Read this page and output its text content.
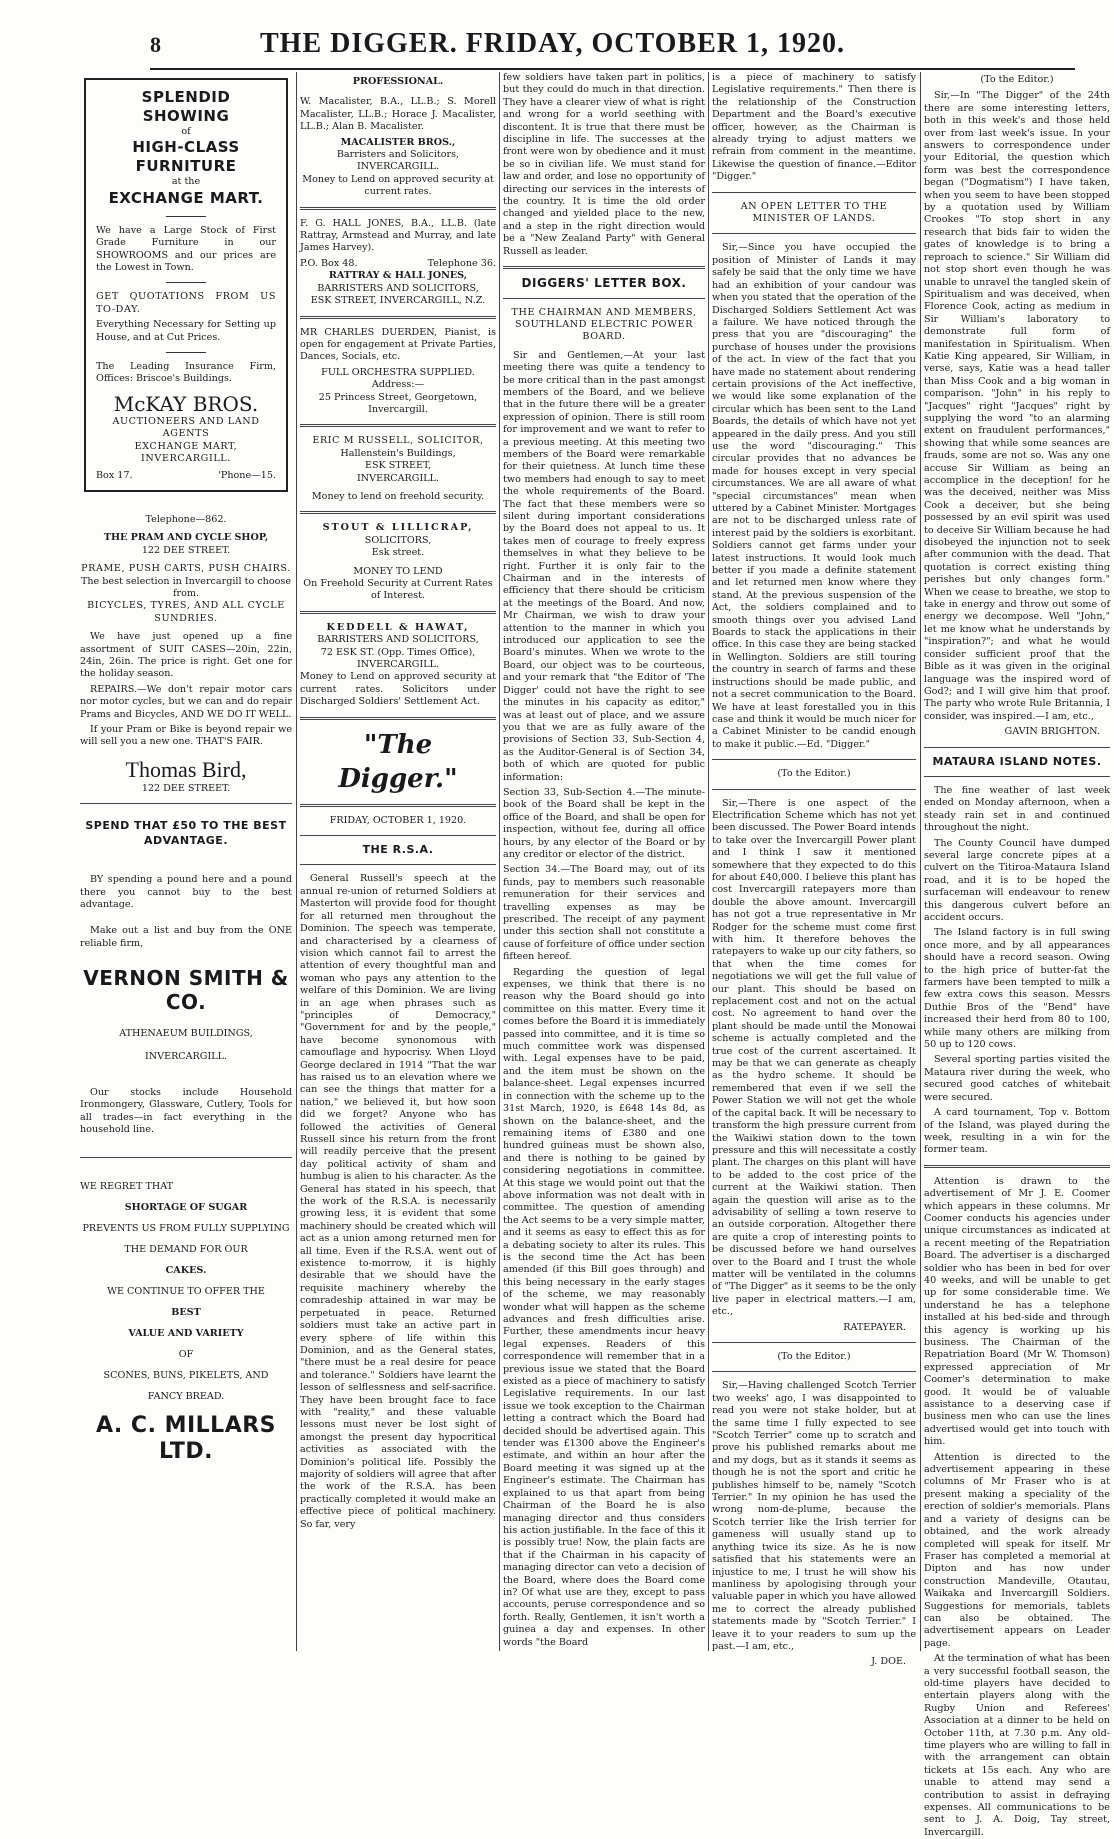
8	THE DIGGER. FRIDAY, OCTOBER 1, 1920.
SPLENDID
SHOWING
of
HIGH-CLASS FURNITURE
at the
EXCHANGE MART.

We have a Large Stock of First Grade Furniture in our SHOWROOMS and our prices are the Lowest in Town.

GET QUOTATIONS FROM US TO-DAY.

Everything Necessary for Setting up House, and at Cut Prices.

The Leading Insurance Firm, Offices: Briscoe's Buildings.

McKAY BROS.
AUCTIONEERS AND LAND AGENTS
EXCHANGE MART, INVERCARGILL.
Box 17.	'Phone—15.
Telephone—862.
THE PRAM AND CYCLE SHOP,
122 DEE STREET.
PRAME, PUSH CARTS, PUSH CHAIRS.
The best selection in Invercargill to choose from.
BICYCLES, TYRES, AND ALL CYCLE SUNDRIES.

We have just opened up a fine assortment of SUIT CASES—20in, 22in, 24in, 26in. The price is right. Get one for the holiday season.

REPAIRS.—We don't repair motor cars nor motor cycles, but we can and do repair Prams and Bicycles, AND WE DO IT WELL.

If your Pram or Bike is beyond repair we will sell you a new one. THAT'S FAIR.

Thomas Bird,
122 DEE STREET.
SPEND THAT £50 TO THE BEST ADVANTAGE.

BY spending a pound here and a pound there you cannot buy to the best advantage.

Make out a list and buy from the ONE reliable firm,

VERNON SMITH & CO.
ATHENAEUM BUILDINGS,
INVERCARGILL.

Our stocks include Household Ironmongery, Glassware, Cutlery, Tools for all trades—in fact everything in the household line.

WE REGRET THAT
SHORTAGE OF SUGAR
PREVENTS US FROM FULLY SUPPLYING THE DEMAND FOR OUR
CAKES.
WE CONTINUE TO OFFER THE
BEST
VALUE AND VARIETY
OF
SCONES, BUNS, PIKELETS, AND
FANCY BREAD.
A. C. MILLARS LTD.
PROFESSIONAL.

W. Macalister, B.A., LL.B.; S. Morell Macalister, LL.B.; Horace J. Macalister, LL.B.; Alan B. Macalister.

MACALISTER BROS.,
Barristers and Solicitors, INVERCARGILL.
Money to Lend on approved security at current rates.

F. G. HALL JONES, B.A., LL.B. (late Rattray, Armstead and Murray, and late James Harvey).

P.O. Box 48.	Telephone 36.
RATTRAY & HALL JONES,
BARRISTERS AND SOLICITORS,
ESK STREET, INVERCARGILL, N.Z.

MR CHARLES DUERDEN, Pianist, is open for engagement at Private Parties, Dances, Socials, etc.

FULL ORCHESTRA SUPPLIED.
Address:—
25 Princess Street, Georgetown, Invercargill.
ERIC M RUSSELL, SOLICITOR,
Hallenstein's Buildings,
ESK STREET,
INVERCARGILL.
Money to lend on freehold security.
STOUT & LILLICRAP,
SOLICITORS,
Esk street.
MONEY TO LEND
On Freehold Security at Current Rates of Interest.
KEDDELL & HAWAT,
BARRISTERS AND SOLICITORS,
72 ESK ST. (Opp. Times Office),
INVERCARGILL.

Money to Lend on approved security at current rates. Solicitors under Discharged Soldiers' Settlement Act.

"The Digger."
FRIDAY, OCTOBER 1, 1920.
THE R.S.A.

General Russell's speech at the annual re-union of returned Soldiers at Masterton will provide food for thought for all returned men throughout the Dominion. The speech was temperate, and characterised by a clearness of vision which cannot fail to arrest the attention of every thoughtful man and woman who pays any attention to the welfare of this Dominion. We are living in an age when phrases such as "principles of Democracy," "Government for and by the people," have become synonomous with camouflage and hypocrisy. When Lloyd George declared in 1914 "That the war has raised us to an elevation where we can see the things that matter for a nation," we believed it, but how soon did we forget? Anyone who has followed the activities of General Russell since his return from the front will readily perceive that the present day political activity of sham and humbug is alien to his character. As the General has stated in his speech, that the work of the R.S.A. is necessarily growing less, it is evident that some machinery should be created which will act as a union among returned men for all time. Even if the R.S.A. went out of existence to-morrow, it is highly desirable that we should have the requisite machinery whereby the comradeship attained in war may be perpetuated in peace. Returned soldiers must take an active part in every sphere of life within this Dominion, and as the General states, "there must be a real desire for peace and tolerance." Soldiers have learnt the lesson of selflessness and self-sacrifice. They have been brought face to face with "reality," and these valuable lessons must never be lost sight of amongst the present day hypocritical activities as associated with the Dominion's political life. Possibly the majority of soldiers will agree that after the work of the R.S.A. has been practically completed it would make an effective piece of political machinery. So far, very

few soldiers have taken part in politics, but they could do much in that direction. They have a clearer view of what is right and wrong for a world seething with discontent. It is true that there must be discipline in life. The successes at the front were won by obedience and it must be so in civilian life. We must stand for law and order, and lose no opportunity of directing our services in the interests of the country. It is time the old order changed and yielded place to the new, and a step in the right direction would be a "New Zealand Party" with General Russell as leader.

DIGGERS' LETTER BOX.
THE CHAIRMAN AND MEMBERS, SOUTHLAND ELECTRIC POWER BOARD.

Sir and Gentlemen,—At your last meeting there was quite a tendency to be more critical than in the past amongst members of the Board, and we believe that in the future there will be a greater expression of opinion. There is still room for improvement and we want to refer to a previous meeting. At this meeting two members of the Board were remarkable for their quietness. At lunch time these two members had enough to say to meet the whole requirements of the Board. The fact that these members were so silent during important considerations by the Board does not appeal to us. It takes men of courage to freely express themselves in what they believe to be right. Further it is only fair to the Chairman and in the interests of efficiency that there should be criticism at the meetings of the Board. And now, Mr Chairman, we wish to draw your attention to the manner in which you introduced our application to see the Board's minutes. When we wrote to the Board, our object was to be courteous, and your remark that "the Editor of 'The Digger' could not have the right to see the minutes in his capacity as editor," was at least out of place, and we assure you that we are as fully aware of the provisions of Section 33, Sub-Section 4, as the Auditor-General is of Section 34, both of which are quoted for public information:

Section 33, Sub-Section 4.—The minute-book of the Board shall be kept in the office of the Board, and shall be open for inspection, without fee, during all office hours, by any elector of the Board or by any creditor or elector of the district.

Section 34.—The Board may, out of its funds, pay to members such reasonable remuneration for their services and travelling expenses as may be prescribed. The receipt of any payment under this section shall not constitute a cause of forfeiture of office under section fifteen hereof.

Regarding the question of legal expenses, we think that there is no reason why the Board should go into committee on this matter. Every time it comes before the Board it is immediately passed into committee, and it is time so much committee work was dispensed with. Legal expenses have to be paid, and the item must be shown on the balance-sheet. Legal expenses incurred in connection with the scheme up to the 31st March, 1920, is £648 14s 8d, as shown on the balance-sheet, and the remaining items of £380 and one hundred guineas must be shown also, and there is nothing to be gained by considering negotiations in committee. At this stage we would point out that the above information was not dealt with in committee. The question of amending the Act seems to be a very simple matter, and it seems as easy to effect this as for a debating society to alter its rules. This is the second time the Act has been amended (if this Bill goes through) and this being necessary in the early stages of the scheme, we may reasonably wonder what will happen as the scheme advances and fresh difficulties arise. Further, these amendments incur heavy legal expenses. Readers of this correspondence will remember that in a previous issue we stated that the Board existed as a piece of machinery to satisfy Legislative requirements. In our last issue we took exception to the Chairman letting a contract which the Board had decided should be advertised again. This tender was £1300 above the Engineer's estimate, and within an hour after the Board meeting it was signed up at the Engineer's estimate. The Chairman has explained to us that apart from being Chairman of the Board he is also managing director and thus considers his action justifiable. In the face of this it is possibly true! Now, the plain facts are that if the Chairman in his capacity of managing director can veto a decision of the Board, where does the Board come in? Of what use are they, except to pass accounts, peruse correspondence and so forth. Really, Gentlemen, it isn't worth a guinea a day and expenses. In other words "the Board

is a piece of machinery to satisfy Legislative requirements." Then there is the relationship of the Construction Department and the Board's executive officer, however, as the Chairman is already trying to adjust matters we refrain from comment in the meantime. Likewise the question of finance.—Editor "Digger."

AN OPEN LETTER TO THE MINISTER OF LANDS.

Sir,—Since you have occupied the position of Minister of Lands it may safely be said that the only time we have had an exhibition of your candour was when you stated that the operation of the Discharged Soldiers Settlement Act was a failure. We have noticed through the press that you are "discouraging" the purchase of houses under the provisions of the act. In view of the fact that you have made no statement about rendering certain provisions of the Act ineffective, we would like some explanation of the circular which has been sent to the Land Boards, the details of which have not yet appeared in the daily press. And you still use the word "discouraging." This circular provides that no advances be made for houses except in very special circumstances. We are all aware of what "special circumstances" mean when uttered by a Cabinet Minister. Mortgages are not to be discharged unless rate of interest paid by the soldiers is exorbitant. Soldiers cannot get farms under your latest instructions. It would look much better if you made a definite statement and let returned men know where they stand. At the previous suspension of the Act, the soldiers complained and to smooth things over you advised Land Boards to stack the applications in their office. In this case they are being stacked in Wellington. Soldiers are still touring the country in search of farms and these instructions should be made public, and not a secret communication to the Board. We have at least forestalled you in this case and think it would be much nicer for a Cabinet Minister to be candid enough to make it public.—Ed. "Digger."

(To the Editor.)

Sir,—There is one aspect of the Electrification Scheme which has not yet been discussed. The Power Board intends to take over the Invercargill Power plant and I think I saw it mentioned somewhere that they expected to do this for about £40,000. I believe this plant has cost Invercargill ratepayers more than double the above amount. Invercargill has not got a true representative in Mr Rodger for the scheme must come first with him. It therefore behoves the ratepayers to wake up our city fathers, so that when the time comes for negotiations we will get the full value of our plant. This should be based on replacement cost and not on the actual cost. No agreement to hand over the plant should be made until the Monowai scheme is actually completed and the true cost of the current ascertained. It may be that we can generate as cheaply as the hydro scheme. It should be remembered that even if we sell the Power Station we will not get the whole of the capital back. It will be necessary to transform the high pressure current from the Waikiwi station down to the town pressure and this will necessitate a costly plant. The charges on this plant will have to be added to the cost price of the current at the Waikiwi station. Then again the question will arise as to the advisability of selling a town reserve to an outside corporation. Altogether there are quite a crop of interesting points to be discussed before we hand ourselves over to the Board and I trust the whole matter will be ventilated in the columns of "The Digger" as it seems to be the only live paper in electrical matters.—I am, etc.,

RATEPAYER.
(To the Editor.)

Sir,—Having challenged Scotch Terrier two weeks' ago, I was disappointed to read you were not stake holder, but at the same time I fully expected to see "Scotch Terrier" come up to scratch and prove his published remarks about me and my dogs, but as it stands it seems as though he is not the sport and critic he publishes himself to be, namely "Scotch Terrier." In my opinion he has used the wrong nom-de-plume, because the Scotch terrier like the Irish terrier for gameness will usually stand up to anything twice its size. As he is now satisfied that his statements were an injustice to me, I trust he will show his manliness by apologising through your valuable paper in which you have allowed me to correct the already published statements made by "Scotch Terrier." I leave it to your readers to sum up the past.—I am, etc.,

J. DOE.
(To the Editor.)

Sir,—In "The Digger" of the 24th there are some interesting letters, both in this week's and those held over from last week's issue. In your answers to correspondence under your Editorial, the question which form was best the correspondence began ("Dogmatism") I have taken, when you seem to have been stopped by a quotation used by William Crookes "To stop short in any research that bids fair to widen the gates of knowledge is to bring a reproach to science." Sir William did not stop short even though he was unable to unravel the tangled skein of Spiritualism and was deceived, when Florence Cook, acting as medium in Sir William's laboratory to demonstrate full form of manifestation in Spiritualism. When Katie King appeared, Sir William, in verse, says, Katie was a head taller than Miss Cook and a big woman in comparison. "John" in his reply to "Jacques" right "Jacques" right by supplying the word "to an alarming extent on fraudulent performances," showing that while some seances are frauds, some are not so. Was any one accuse Sir William as being an accomplice in the deception! for he was the deceived, neither was Miss Cook a deceiver, but she being possessed by an evil spirit was used to deceive Sir William because he had disobeyed the injunction not to seek after communion with the dead. That quotation is correct existing thing perishes but only changes form." When we cease to breathe, we stop to take in energy and throw out some of energy we decompose. Well "John," let me know what he understands by "inspiration?"; and what he would consider sufficient proof that the Bible as it was given in the original language was the inspired word of God?; and I will give him that proof. The party who wrote Rule Britannia, I consider, was inspired.—I am, etc.,

GAVIN BRIGHTON.
MATAURA ISLAND NOTES.

The fine weather of last week ended on Monday afternoon, when a steady rain set in and continued throughout the night.

The County Council have dumped several large concrete pipes at a culvert on the Titiroa-Mataura Island road, and it is to be hoped the surfaceman will endeavour to renew this dangerous culvert before an accident occurs.

The Island factory is in full swing once more, and by all appearances should have a record season. Owing to the high price of butter-fat the farmers have been tempted to milk a few extra cows this season. Messrs Duthie Bros of the "Bend" have increased their herd from 80 to 100, while many others are milking from 50 up to 120 cows.

Several sporting parties visited the Mataura river during the week, who secured good catches of whitebait were secured.

A card tournament, Top v. Bottom of the Island, was played during the week, resulting in a win for the former team.

Attention is drawn to the advertisement of Mr J. E. Coomer which appears in these columns. Mr Coomer conducts his agencies under unique circumstances as indicated at a recent meeting of the Repatriation Board. The advertiser is a discharged soldier who has been in bed for over 40 weeks, and will be unable to get up for some considerable time. We understand he has a telephone installed at his bed-side and through this agency is working up his business. The Chairman of the Repatriation Board (Mr W. Thomson) expressed appreciation of Mr Coomer's determination to make good. It would be of valuable assistance to a deserving case if business men who can use the lines advertised would get into touch with him.

Attention is directed to the advertisement appearing in these columns of Mr Fraser who is at present making a speciality of the erection of soldier's memorials. Plans and a variety of designs can be obtained, and the work already completed will speak for itself. Mr Fraser has completed a memorial at Dipton and has now under construction Mandeville, Otautau, Waikaka and Invercargill Soldiers. Suggestions for memorials, tablets can also be obtained. The advertisement appears on Leader page.

At the termination of what has been a very successful football season, the old-time players have decided to entertain players along with the Rugby Union and Referees' Association at a dinner to be held on October 11th, at 7.30 p.m. Any old-time players who are willing to fall in with the arrangement can obtain tickets at 15s each. Any who are unable to attend may send a contribution to assist in defraying expenses. All communications to be sent to J. A. Doig, Tay street, Invercargill.
